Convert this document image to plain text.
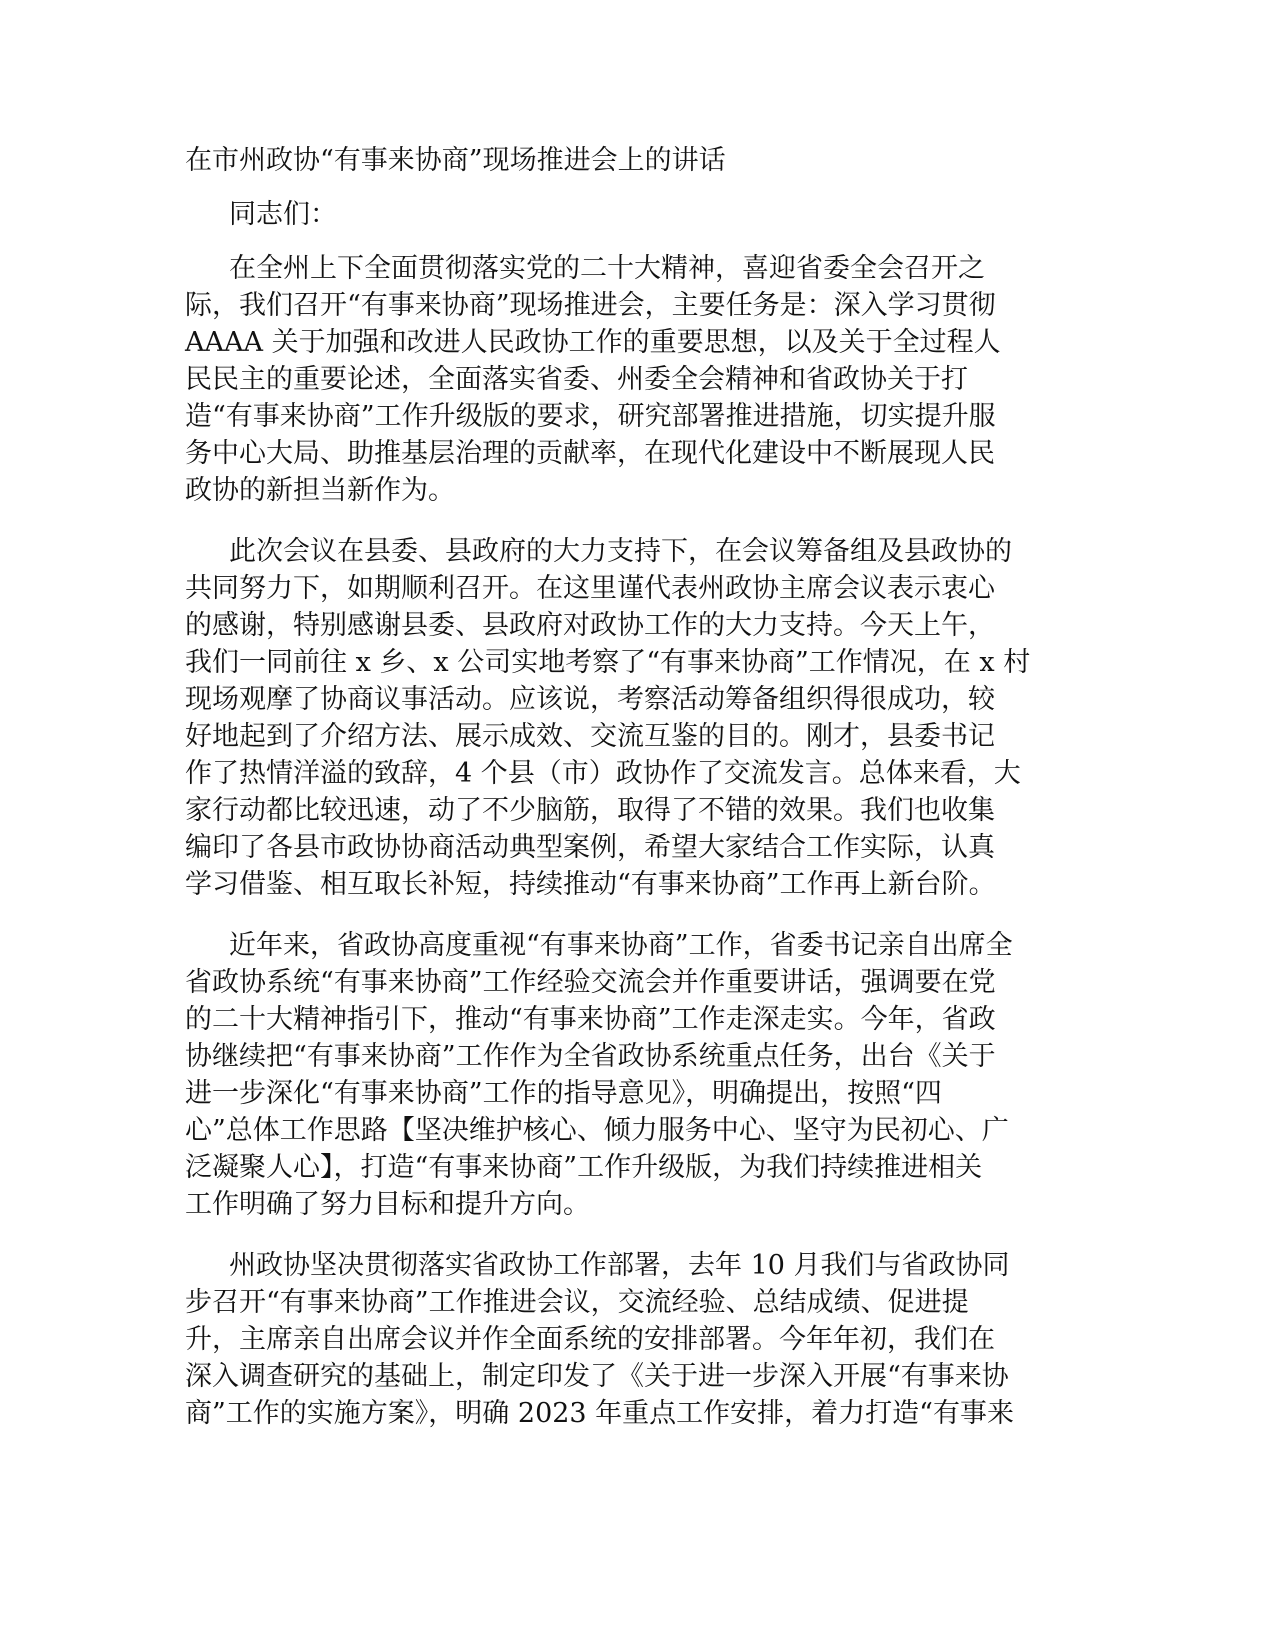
在市州政协“有事来协商”现场推进会上的讲话
同志们：
在全州上下全面贯彻落实党的二十大精神，喜迎省委全会召开之
际，我们召开“有事来协商”现场推进会，主要任务是：深入学习贯彻
AAAA 关于加强和改进人民政协工作的重要思想，以及关于全过程人
民民主的重要论述，全面落实省委、州委全会精神和省政协关于打
造“有事来协商”工作升级版的要求，研究部署推进措施，切实提升服
务中心大局、助推基层治理的贡献率，在现代化建设中不断展现人民
政协的新担当新作为。
此次会议在县委、县政府的大力支持下，在会议筹备组及县政协的
共同努力下，如期顺利召开。在这里谨代表州政协主席会议表示衷心
的感谢，特别感谢县委、县政府对政协工作的大力支持。今天上午，
我们一同前往 x 乡、x 公司实地考察了“有事来协商”工作情况，在 x 村
现场观摩了协商议事活动。应该说，考察活动筹备组织得很成功，较
好地起到了介绍方法、展示成效、交流互鉴的目的。刚才，县委书记
作了热情洋溢的致辞，4 个县（市）政协作了交流发言。总体来看，大
家行动都比较迅速，动了不少脑筋，取得了不错的效果。我们也收集
编印了各县市政协协商活动典型案例，希望大家结合工作实际，认真
学习借鉴、相互取长补短，持续推动“有事来协商”工作再上新台阶。
近年来，省政协高度重视“有事来协商”工作，省委书记亲自出席全
省政协系统“有事来协商”工作经验交流会并作重要讲话，强调要在党
的二十大精神指引下，推动“有事来协商”工作走深走实。今年，省政
协继续把“有事来协商”工作作为全省政协系统重点任务，出台《关于
进一步深化“有事来协商”工作的指导意见》，明确提出，按照“四
心”总体工作思路【坚决维护核心、倾力服务中心、坚守为民初心、广
泛凝聚人心】，打造“有事来协商”工作升级版，为我们持续推进相关
工作明确了努力目标和提升方向。
州政协坚决贯彻落实省政协工作部署，去年 10 月我们与省政协同
步召开“有事来协商”工作推进会议，交流经验、总结成绩、促进提
升，主席亲自出席会议并作全面系统的安排部署。今年年初，我们在
深入调查研究的基础上，制定印发了《关于进一步深入开展“有事来协
商”工作的实施方案》，明确 2023 年重点工作安排，着力打造“有事来
